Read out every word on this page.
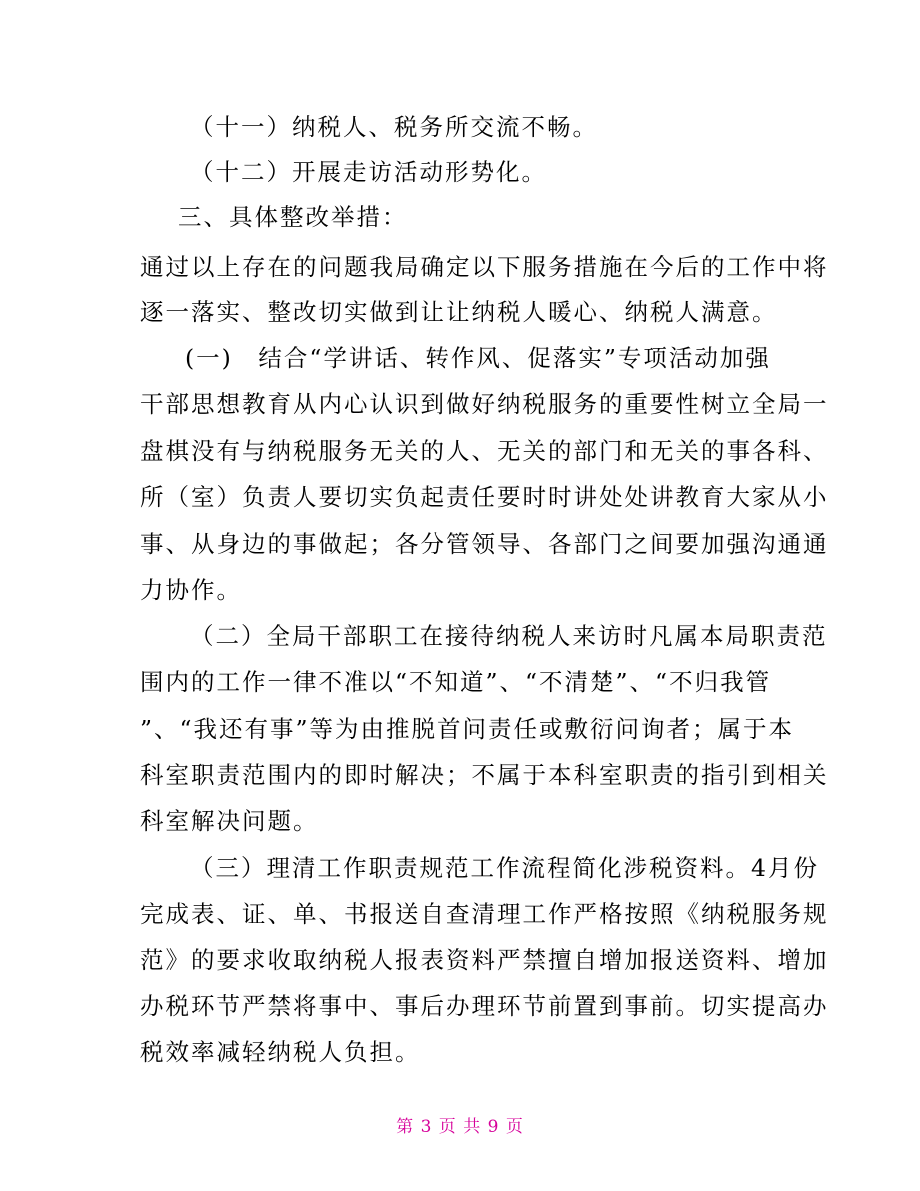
（十一）纳税人、税务所交流不畅。
（十二）开展走访活动形势化。
三、具体整改举措：
通过以上存在的问题我局确定以下服务措施在今后的工作中将
逐一落实、整改切实做到让让纳税人暖心、纳税人满意。
(一)　结合“学讲话、转作风、促落实”专项活动加强
干部思想教育从内心认识到做好纳税服务的重要性树立全局一
盘棋没有与纳税服务无关的人、无关的部门和无关的事各科、
所（室）负责人要切实负起责任要时时讲处处讲教育大家从小
事、从身边的事做起；各分管领导、各部门之间要加强沟通通
力协作。
（二）全局干部职工在接待纳税人来访时凡属本局职责范
围内的工作一律不准以“不知道”、“不清楚”、“不归我管
”、“我还有事”等为由推脱首问责任或敷衍问询者；属于本
科室职责范围内的即时解决；不属于本科室职责的指引到相关
科室解决问题。
（三）理清工作职责规范工作流程简化涉税资料。4月份
完成表、证、单、书报送自查清理工作严格按照《纳税服务规
范》的要求收取纳税人报表资料严禁擅自增加报送资料、增加
办税环节严禁将事中、事后办理环节前置到事前。切实提高办
税效率减轻纳税人负担。
第 3 页 共 9 页
